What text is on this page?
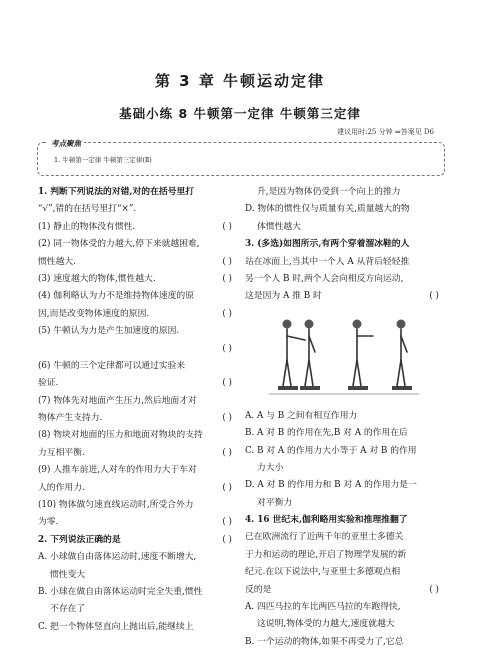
第 3 章 牛顿运动定律
基础小练 8 牛顿第一定律 牛顿第三定律
建议用时:25 分钟 ⇒答案见 D6
考点聚焦
1. 牛顿第一定律 牛顿第三定律(Ⅱ)
1. 判断下列说法的对错,对的在括号里打
“√”,错的在括号里打“×”.
(1) 静止的物体没有惯性.	( )
(2) 同一物体受的力越大,停下来就越困难,
惯性越大.	( )
(3) 速度越大的物体,惯性越大.	( )
(4) 伽利略认为力不是维持物体速度的原
因,而是改变物体速度的原因.	( )
(5) 牛顿认为力是产生加速度的原因.
( )
(6) 牛顿的三个定律都可以通过实验来
验证.	( )
(7) 物体先对地面产生压力,然后地面才对
物体产生支持力.	( )
(8) 物块对地面的压力和地面对物块的支持
力互相平衡.	( )
(9) 人推车前进,人对车的作用力大于车对
人的作用力.	( )
(10) 物体做匀速直线运动时,所受合外力
为零.	( )
2. 下列说法正确的是	( )
A. 小球做自由落体运动时,速度不断增大,
惯性变大
B. 小球在做自由落体运动时完全失重,惯性
不存在了
C. 把一个物体竖直向上抛出后,能继续上
升,是因为物体仍受到一个向上的推力
D. 物体的惯性仅与质量有关,质量越大的物
体惯性越大
3. (多选)如图所示,有两个穿着溜冰鞋的人
站在冰面上,当其中一个人 A 从背后轻轻推
另一个人 B 时,两个人会向相反方向运动,
这是因为 A 推 B 时	( )
A. A 与 B 之间有相互作用力
B. A 对 B 的作用在先,B 对 A 的作用在后
C. B 对 A 的作用力大小等于 A 对 B 的作用
力大小
D. A 对 B 的作用力和 B 对 A 的作用力是一
对平衡力
4. 16 世纪末,伽利略用实验和推理推翻了
已在欧洲流行了近两千年的亚里士多德关
于力和运动的理论,开启了物理学发展的新
纪元.在以下说法中,与亚里士多德观点相
反的是	( )
A. 四匹马拉的车比两匹马拉的车跑得快,
这说明,物体受的力越大,速度就越大
B. 一个运动的物体,如果不再受力了,它总
